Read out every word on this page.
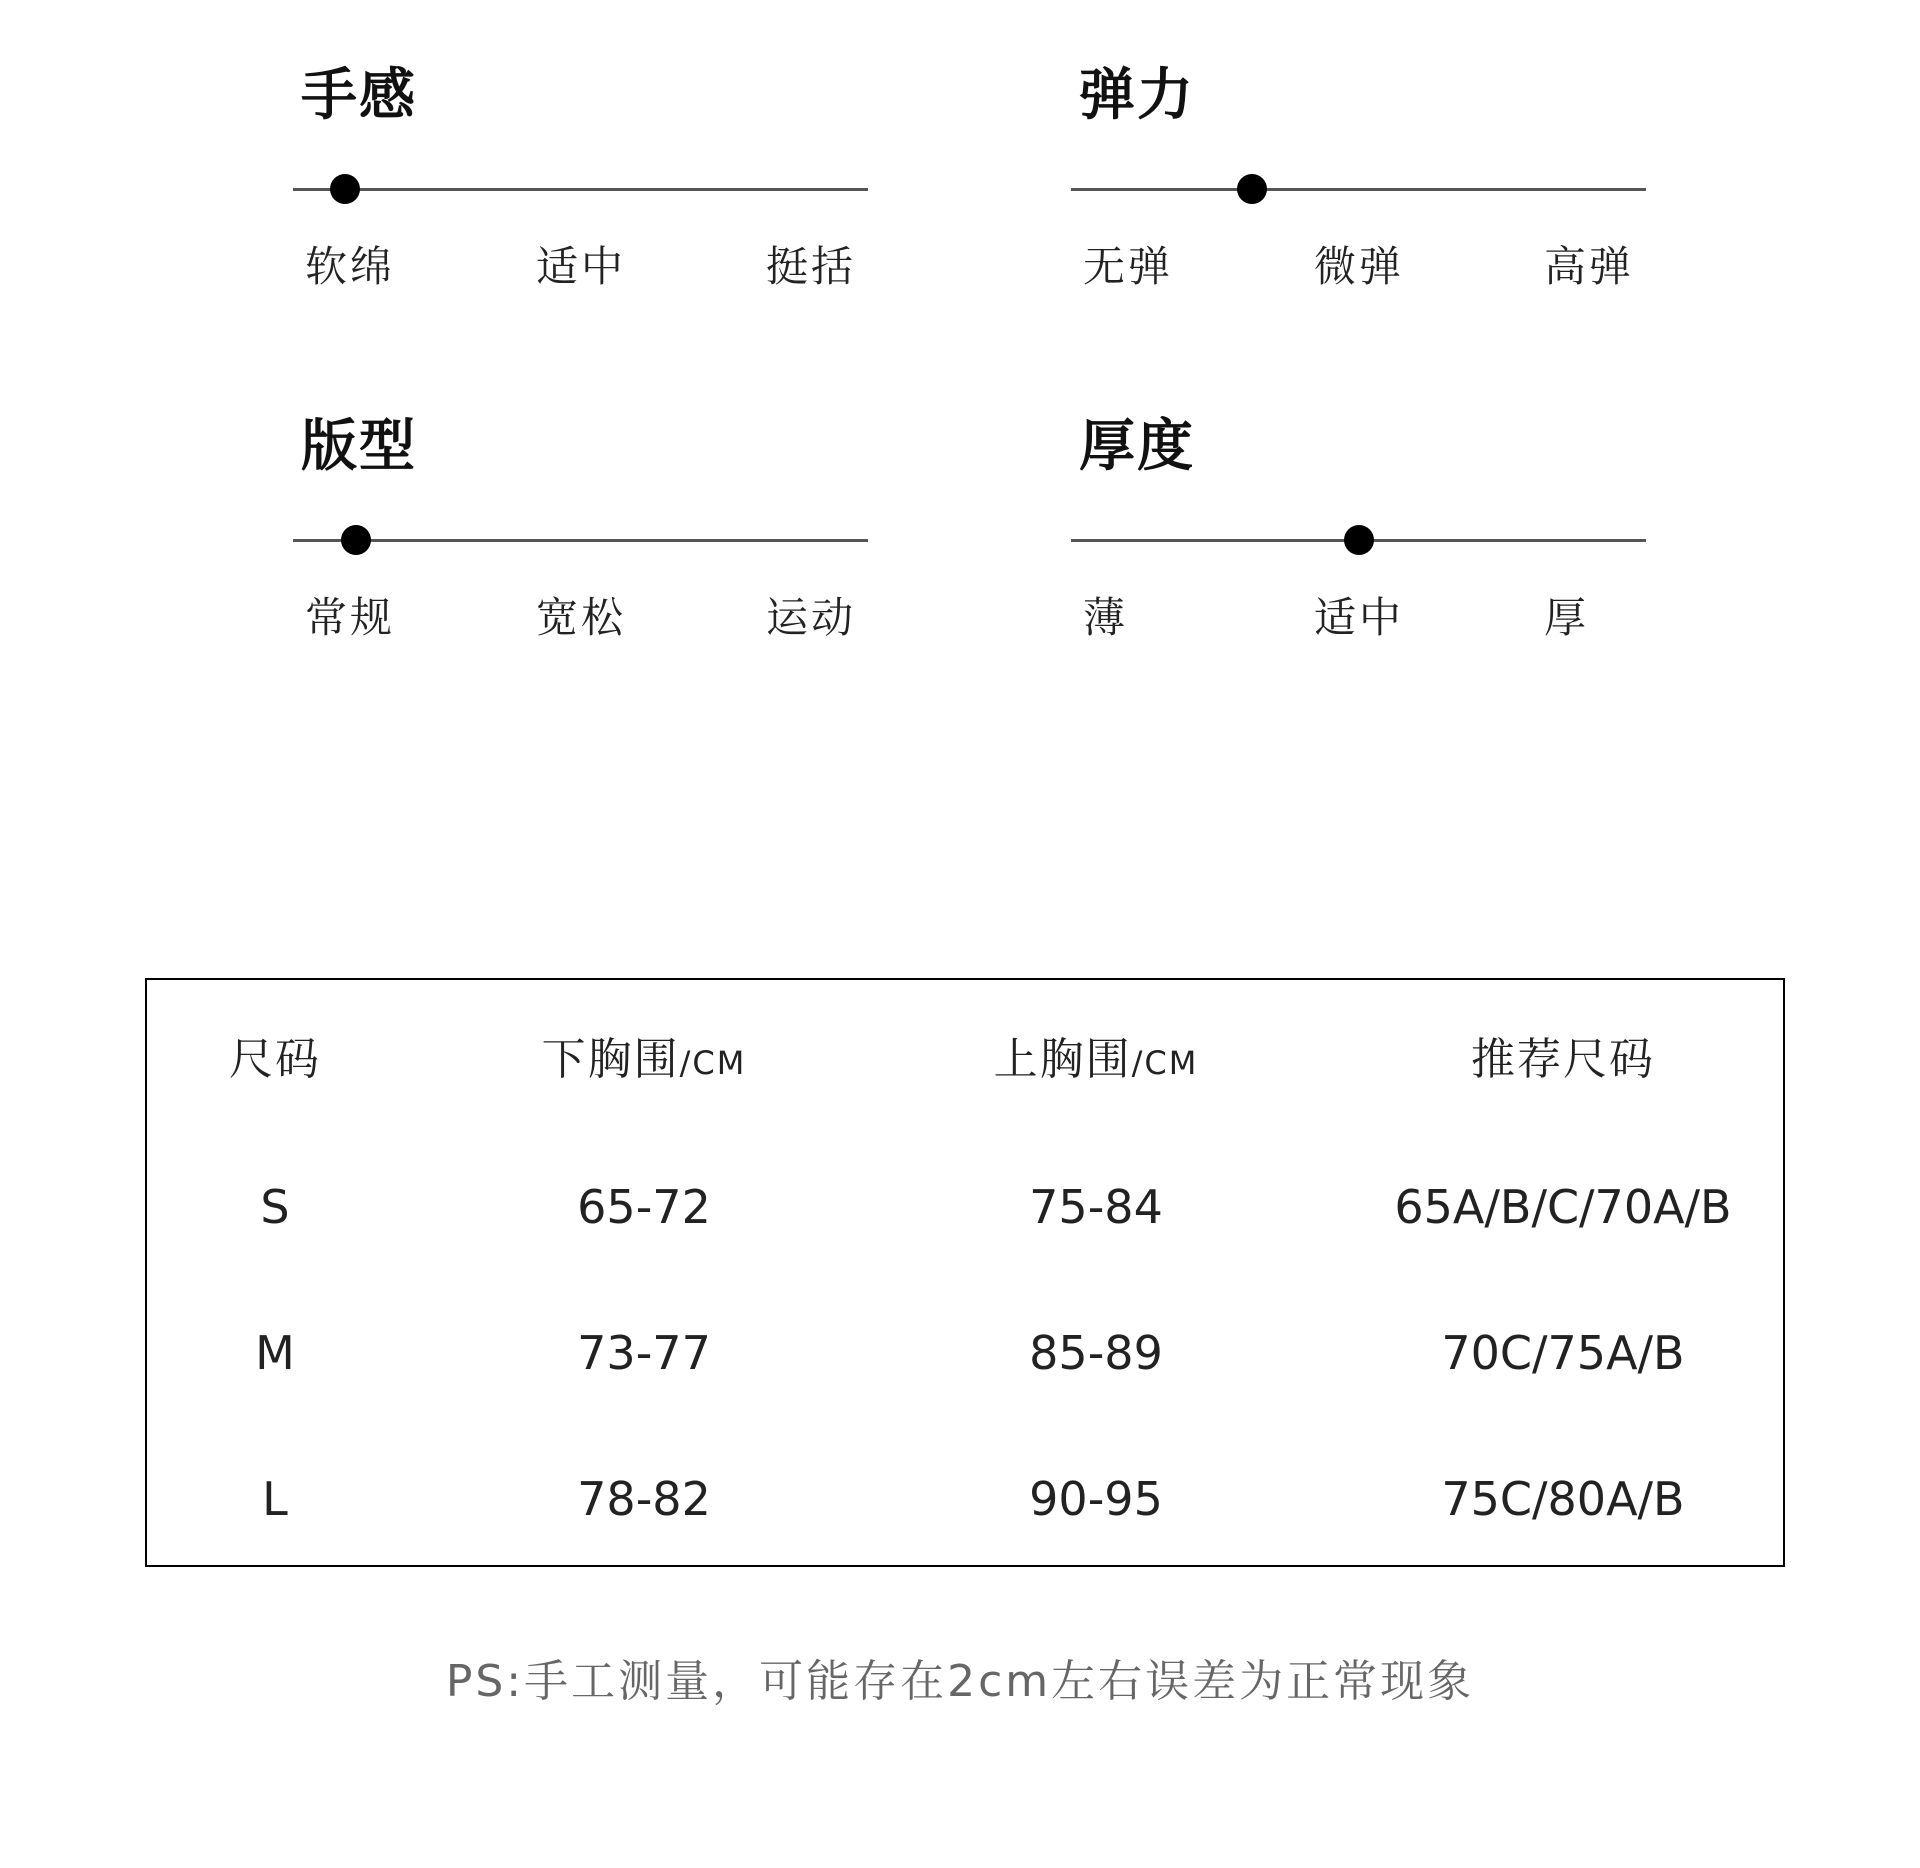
手感
软绵	适中	挺括
弹力
无弹	微弹	高弹
版型
常规	宽松	运动
厚度
薄	适中	厚
尺码	下胸围/CM	上胸围/CM	推荐尺码
S	65-72	75-84	65A/B/C/70A/B
M	73-77	85-89	70C/75A/B
L	78-82	90-95	75C/80A/B
PS:手工测量，可能存在2cm左右误差为正常现象
